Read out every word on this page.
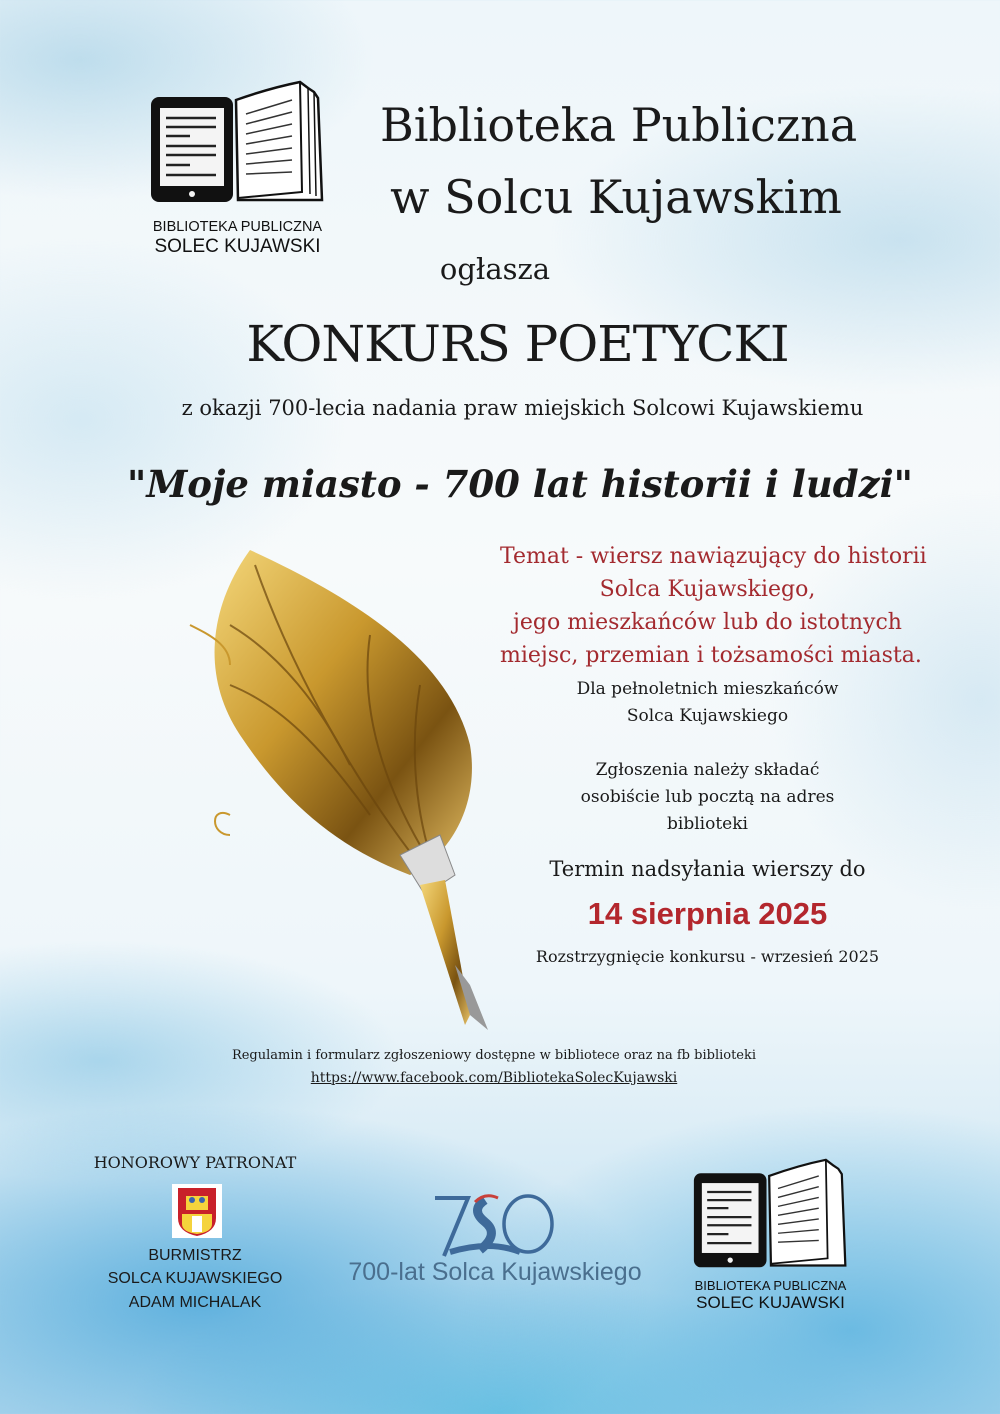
BIBLIOTEKA PUBLICZNA
SOLEC KUJAWSKI
Biblioteka Publiczna
w Solcu Kujawskim
ogłasza
KONKURS POETYCKI
z okazji 700-lecia nadania praw miejskich Solcowi Kujawskiemu
"Moje miasto - 700 lat historii i ludzi"
Temat - wiersz nawiązujący do historii
Solca Kujawskiego,
jego mieszkańców lub do istotnych
miejsc, przemian i tożsamości miasta.
Dla pełnoletnich mieszkańców
Solca Kujawskiego
Zgłoszenia należy składać
osobiście lub pocztą na adres
biblioteki
Termin nadsyłania wierszy do
14 sierpnia 2025
Rozstrzygnięcie konkursu - wrzesień 2025
Regulamin i formularz zgłoszeniowy dostępne w bibliotece oraz na fb biblioteki
https://www.facebook.com/BibliotekaSolecKujawski
HONOROWY PATRONAT
BURMISTRZ
SOLCA KUJAWSKIEGO
ADAM MICHALAK
700-lat Solca Kujawskiego	BIBLIOTEKA PUBLICZNA
SOLEC KUJAWSKI
